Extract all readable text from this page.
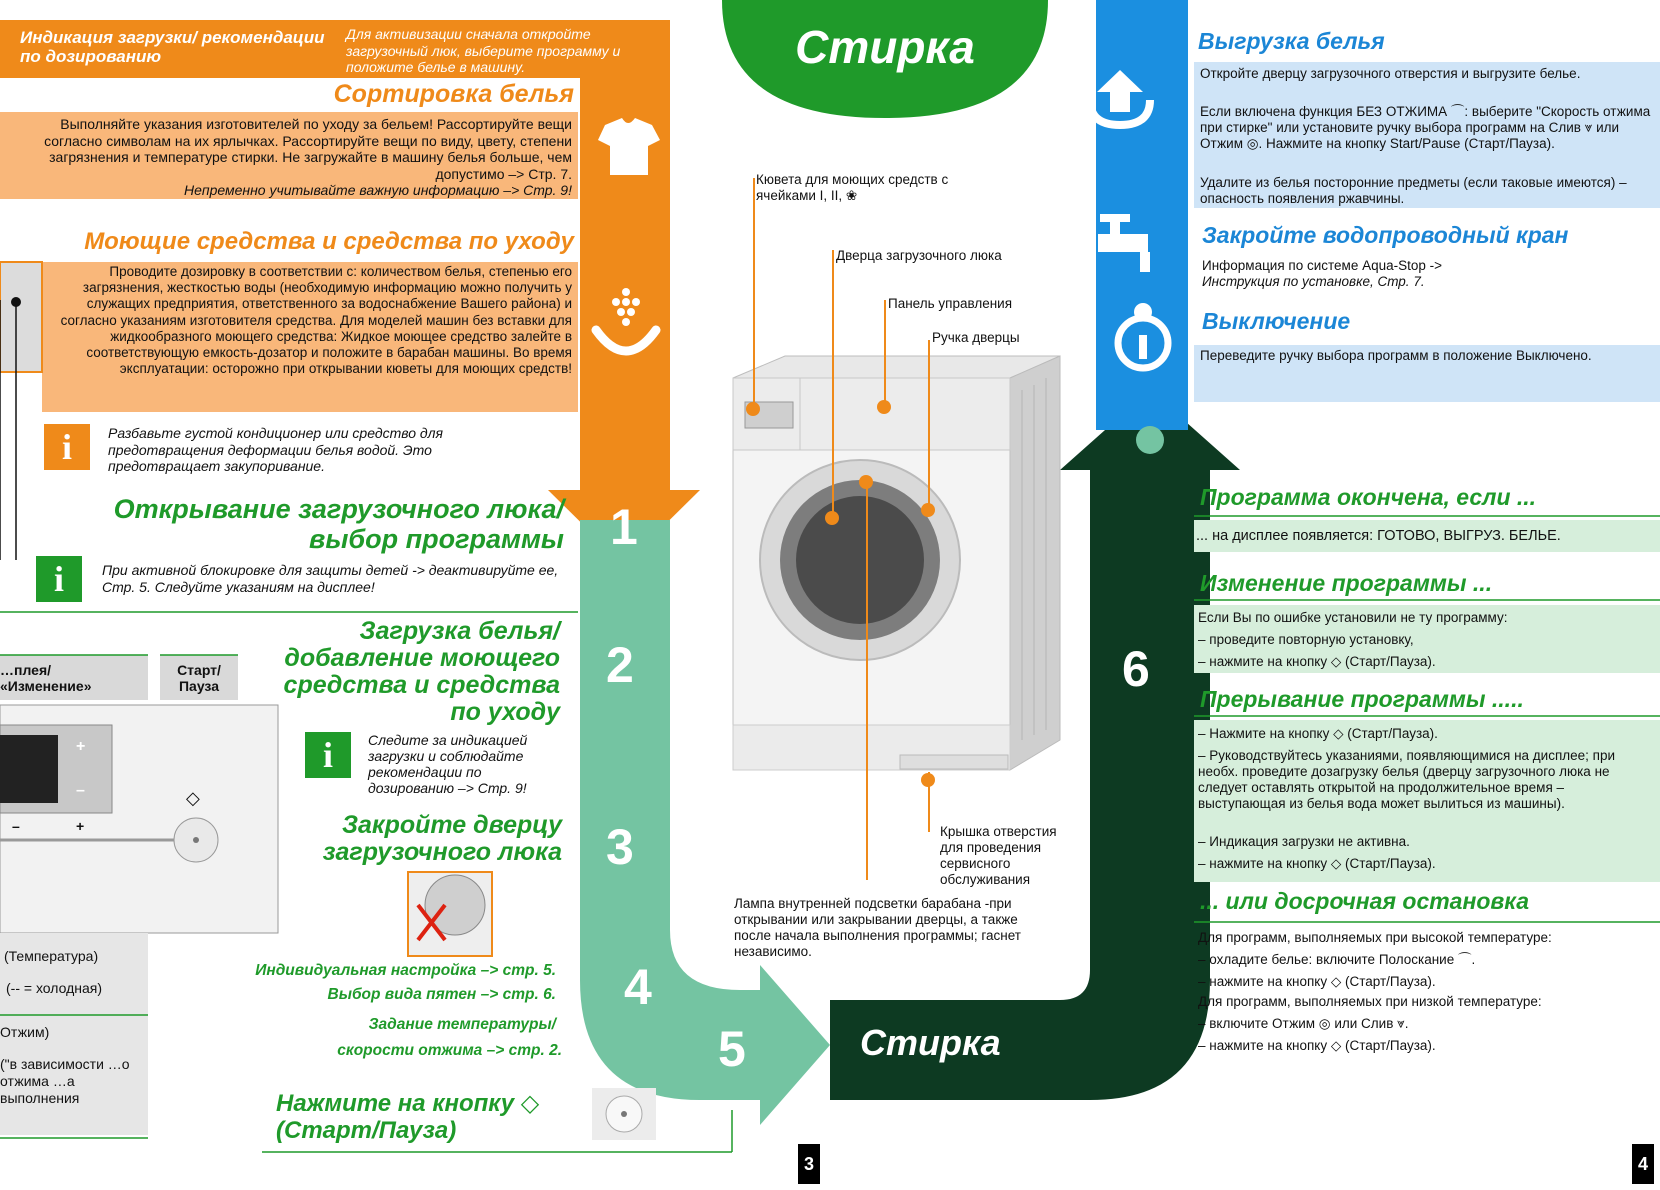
Индикация загрузки/ рекомендации по дозированию
Для активизации сначала откройте загрузочный люк, выберите программу и положите белье в машину.	Стирка
Сортировка белья
Выполняйте указания изготовителей по уходу за бельем! Рассортируйте вещи согласно символам на их ярлычках. Рассортируйте вещи по виду, цвету, степени загрязнения и температуре стирки. Не загружайте в машину белья больше, чем допустимо –> Стр. 7.
Непременно учитывайте важную информацию –> Стр. 9!
Моющие средства и средства по уходу
Проводите дозировку в соответствии с: количеством белья, степенью его загрязнения, жесткостью воды (необходимую информацию можно получить у служащих предприятия, ответственного за водоснабжение Вашего района) и согласно указаниям изготовителя средства. Для моделей машин без вставки для жидкообразного моющего средства: Жидкое моющее средство залейте в соответствующую емкость-дозатор и положите в барабан машины. Во время эксплуатации: осторожно при открывании кюветы для моющих средств!
i	Разбавьте густой кондиционер или средство для предотвращения деформации белья водой. Это предотвращает закупоривание.
Открывание загрузочного люка/ выбор программы
i	При активной блокировке для защиты детей -> деактивируйте ее, Стр. 5. Следуйте указаниям на дисплее!
…плея/ «Изменение»
Старт/ Пауза
+
–
–	+
◇
(Температура)
(-- = холодная)
Отжим)
("в зависимости …о отжима …а выполнения
Загрузка белья/ добавление моющего средства и средства по уходу
i	Следите за индикацией загрузки и соблюдайте рекомендации по дозированию –> Стр. 9!
Закройте дверцу загрузочного люка
Индивидуальная настройка –> стр. 5.
Выбор вида пятен –> стр. 6.
Задание температуры/
скорости отжима –> стр. 2.
Нажмите на кнопку ◇ (Старт/Пауза)
1
2
3
4
5
6
Стирка
Кювета для моющих средств с ячейками I, II, ❀
Дверца загрузочного люка
Панель управления
Ручка дверцы
Крышка отверстия для проведения сервисного обслуживания
Лампа внутренней подсветки барабана -при открывании или закрывании дверцы, а также после начала выполнения программы; гаснет независимо.
Выгрузка белья
Откройте дверцу загрузочного отверстия и выгрузите белье.
Если включена функция БЕЗ ОТЖИМА ⌒: выберите "Скорость отжима при стирке" или установите ручку выбора программ на Слив ⩔ или Отжим ◎. Нажмите на кнопку Start/Pause (Старт/Пауза).
Удалите из белья посторонние предметы (если таковые имеются) – опасность появления ржавчины.
Закройте водопроводный кран
Информация по системе Aqua-Stop ->
Инструкция по установке, Стр. 7.
Выключение
Переведите ручку выбора программ в положение Выключено.
Программа окончена, если ...
... на дисплее появляется: ГОТОВО, ВЫГРУЗ. БЕЛЬЕ.
Изменение программы ...
Если Вы по ошибке установили не ту программу:
– проведите повторную установку,
– нажмите на кнопку ◇ (Старт/Пауза).
Прерывание программы .....
– Нажмите на кнопку ◇ (Старт/Пауза).
– Руководствуйтесь указаниями, появляющимися на дисплее; при необх. проведите дозагрузку белья (дверцу загрузочного люка не следует оставлять открытой на продолжительное время – выступающая из белья вода может вылиться из машины).
– Индикация загрузки не активна.
– нажмите на кнопку ◇ (Старт/Пауза).
... или досрочная остановка
Для программ, выполняемых при высокой температуре:
– охладите белье: включите Полоскание ⌒.
– нажмите на кнопку ◇ (Старт/Пауза).
Для программ, выполняемых при низкой температуре:
– включите Отжим ◎ или Слив ⩔.
– нажмите на кнопку ◇ (Старт/Пауза).
3	4
